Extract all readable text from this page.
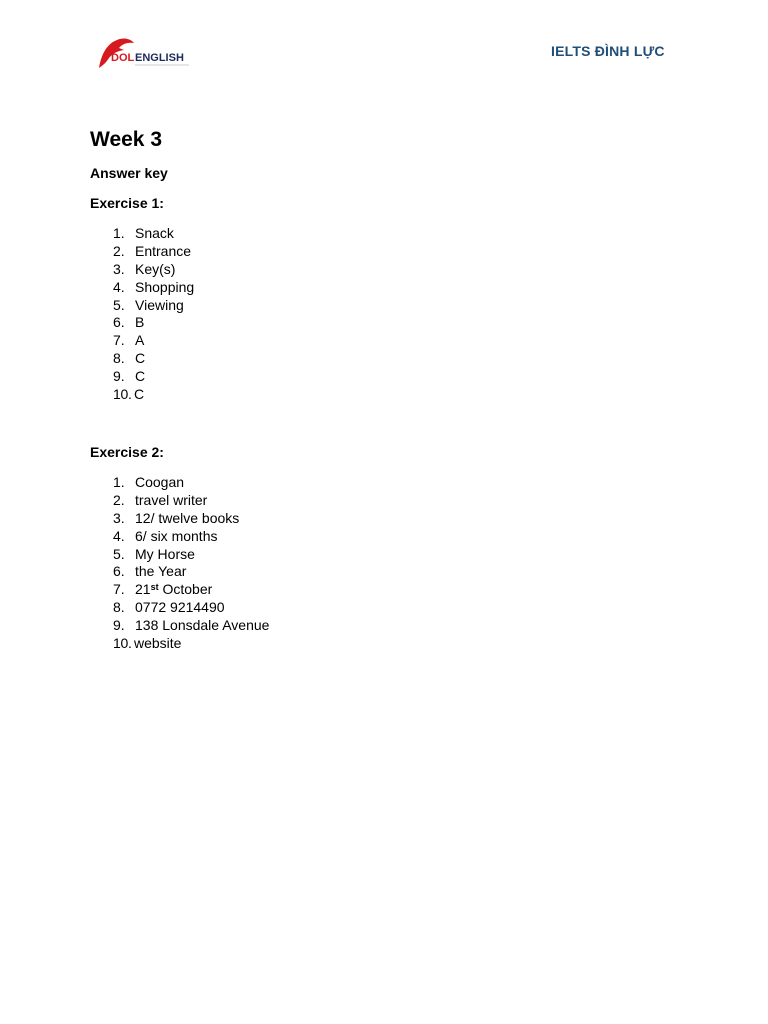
DOL ENGLISH	IELTS ĐÌNH LỰC
Week 3
Answer key
Exercise 1:
1. Snack
2. Entrance
3. Key(s)
4. Shopping
5. Viewing
6. B
7. A
8. C
9. C
10. C
Exercise 2:
1. Coogan
2. travel writer
3. 12/ twelve books
4. 6/ six months
5. My Horse
6. the Year
7. 21st October
8. 0772 9214490
9. 138 Lonsdale Avenue
10. website
